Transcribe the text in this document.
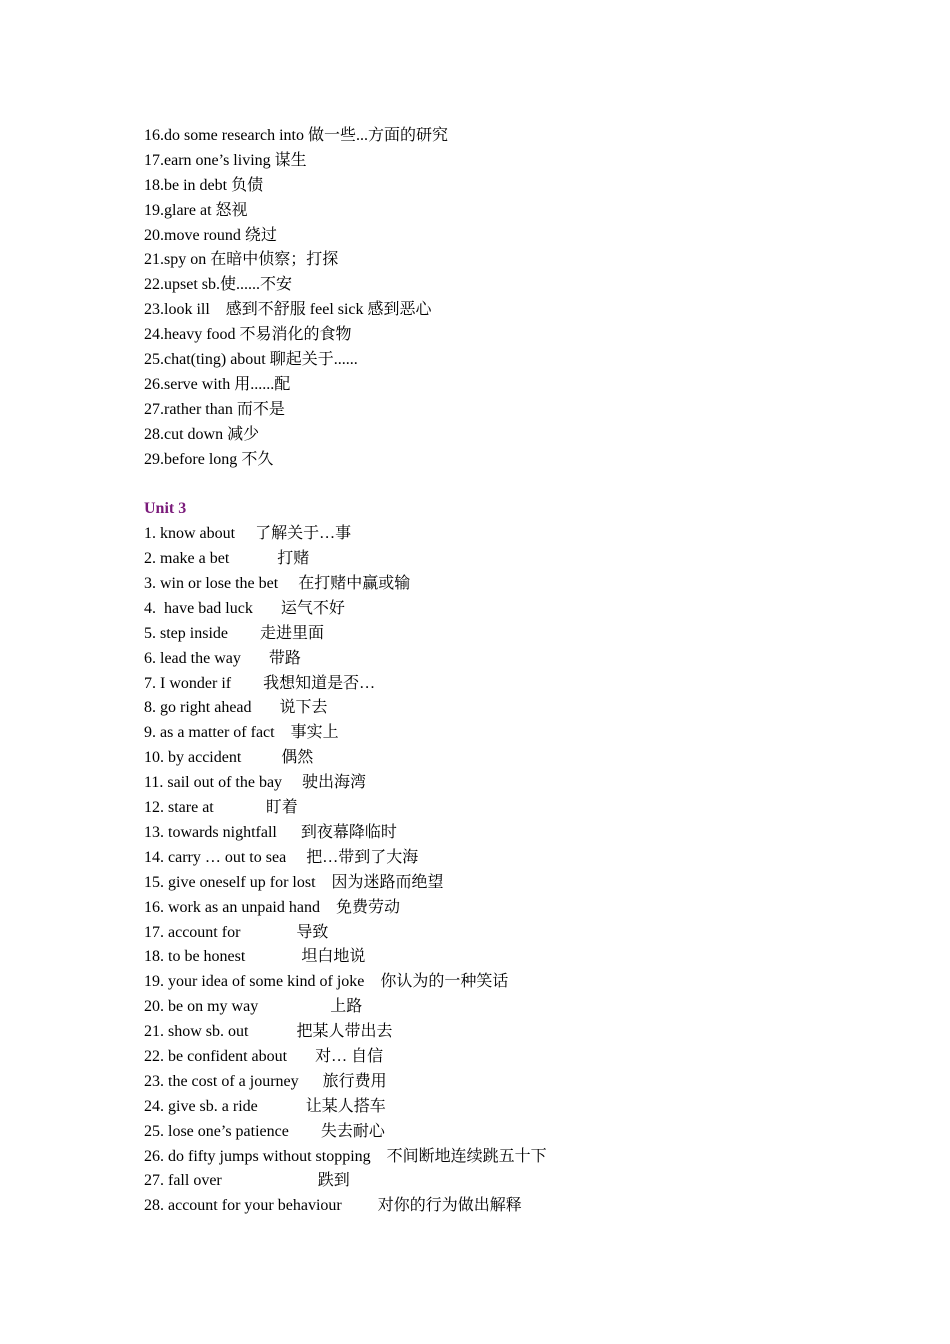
16.do some research into 做一些...方面的研究
17.earn one’s living 谋生
18.be in debt 负债
19.glare at 怒视
20.move round 绕过
21.spy on 在暗中侦察；打探
22.upset sb.使......不安
23.look ill    感到不舒服 feel sick 感到恶心
24.heavy food 不易消化的食物
25.chat(ting) about 聊起关于......
26.serve with 用......配
27.rather than 而不是
28.cut down 减少
29.before long 不久
Unit 3
1. know about     了解关于…事
2. make a bet            打赌
3. win or lose the bet     在打赌中赢或输
4.  have bad luck       运气不好
5. step inside        走进里面
6. lead the way       带路
7. I wonder if        我想知道是否…
8. go right ahead       说下去
9. as a matter of fact    事实上
10. by accident          偶然
11. sail out of the bay     驶出海湾
12. stare at             盯着
13. towards nightfall      到夜幕降临时
14. carry … out to sea     把…带到了大海
15. give oneself up for lost    因为迷路而绝望
16. work as an unpaid hand    免费劳动
17. account for              导致
18. to be honest              坦白地说
19. your idea of some kind of joke    你认为的一种笑话
20. be on my way                  上路
21. show sb. out            把某人带出去
22. be confident about       对… 自信
23. the cost of a journey      旅行费用
24. give sb. a ride            让某人搭车
25. lose one’s patience        失去耐心
26. do fifty jumps without stopping    不间断地连续跳五十下
27. fall over                        跌到
28. account for your behaviour         对你的行为做出解释
